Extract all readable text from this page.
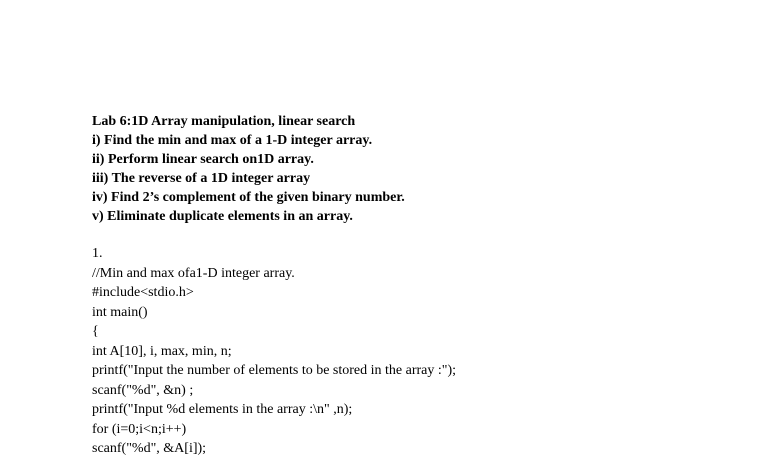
Lab 6:1D Array manipulation, linear search
i) Find the min and max of a 1-D integer array.
ii) Perform linear search on1D array.
iii) The reverse of a 1D integer array
iv) Find 2’s complement of the given binary number.
v) Eliminate duplicate elements in an array.
1.
//Min and max ofa1-D integer array.
#include<stdio.h>
int main()
{
int A[10], i, max, min, n;
printf("Input the number of elements to be stored in the array :");
scanf("%d", &n) ;
printf("Input %d elements in the array :\n" ,n);
for (i=0;i<n;i++)
scanf("%d", &A[i]);
